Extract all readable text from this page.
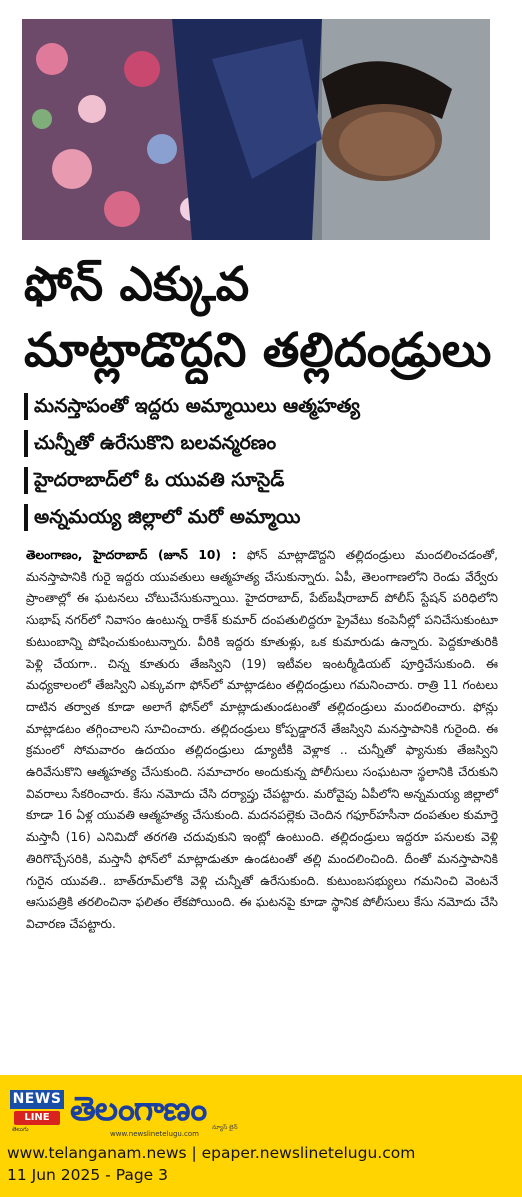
ఫోన్ ఎక్కువ
మాట్లాడొద్దని తల్లిదండ్రులు
మనస్తాపంతో ఇద్దరు అమ్మాయిలు ఆత్మహత్య
చున్నీతో ఉరేసుకొని బలవన్మరణం
హైదరాబాద్‌లో ఓ యువతి సూసైడ్
అన్నమయ్య జిల్లాలో మరో అమ్మాయి
తెలంగాణం, హైదరాబాద్ (జూన్ 10) : ఫోన్ మాట్లాడొద్దని తల్లిదండ్రులు మందలించడంతో, మనస్తాపానికి గురై ఇద్దరు యువతులు ఆత్మహత్య చేసుకున్నారు. ఏపీ, తెలంగాణలోని రెండు వేర్వేరు ప్రాంతాల్లో ఈ ఘటనలు చోటుచేసుకున్నాయి. హైదరాబాద్, పేట్‌బషీరాబాద్ పోలీస్ స్టేషన్ పరిధిలోని సుభాష్ నగర్‌లో నివాసం ఉంటున్న రాకేశ్ కుమార్ దంపతులిద్దరూ ప్రైవేటు కంపెనీల్లో పనిచేసుకుంటూ కుటుంబాన్ని పోషించుకుంటున్నారు. వీరికి ఇద్దరు కూతుళ్లు, ఒక కుమారుడు ఉన్నారు. పెద్దకూతురికి పెళ్లి చేయగా.. చిన్న కూతురు తేజస్విని (19) ఇటీవల ఇంటర్మీడియట్ పూర్తిచేసుకుంది. ఈ మధ్యకాలంలో తేజస్విని ఎక్కువగా ఫోన్‌లో మాట్లాడటం తల్లిదండ్రులు గమనించారు. రాత్రి 11 గంటలు దాటిన తర్వాత కూడా అలాగే ఫోన్‌లో మాట్లాడుతుండటంతో తల్లిదండ్రులు మందలించారు. ఫోన్లు మాట్లాడటం తగ్గించాలని సూచించారు. తల్లిదండ్రులు కోప్పడ్డారనే తేజస్విని మనస్తాపానికి గురైంది. ఈ క్రమంలో సోమవారం ఉదయం తల్లిదండ్రులు డ్యూటీకి వెళ్లాక .. చున్నీతో ఫ్యానుకు తేజస్విని ఉరివేసుకొని ఆత్మహత్య చేసుకుంది. సమాచారం అందుకున్న పోలీసులు సంఘటనా స్థలానికి చేరుకుని వివరాలు సేకరించారు. కేసు నమోదు చేసి దర్యాప్తు చేపట్టారు. మరోవైపు ఏపీలోని అన్నమయ్య జిల్లాలో కూడా 16 ఏళ్ల యువతి ఆత్మహత్య చేసుకుంది. మదనపల్లెకు చెందిన గఫూర్‌హసీనా దంపతుల కుమార్తె మస్తానీ (16) ఎనిమిదో తరగతి చదువుకుని ఇంట్లో ఉంటుంది. తల్లిదండ్రులు ఇద్దరూ పనులకు వెళ్లి తిరిగొచ్చేసరికి, మస్తానీ ఫోన్‌లో మాట్లాడుతూ ఉండటంతో తల్లి మందలించింది. దీంతో మనస్తాపానికి గురైన యువతి.. బాత్‌రూమ్‌లోకి వెళ్లి చున్నీతో ఉరేసుకుంది. కుటుంబసభ్యులు గమనించి వెంటనే ఆసుపత్రికి తరలించినా ఫలితం లేకపోయింది. ఈ ఘటనపై కూడా స్థానిక పోలీసులు కేసు నమోదు చేసి విచారణ చేపట్టారు.
NEWS
LINE
తెలుగు
తెలంగాణం
www.newslinetelugu.com
న్యూస్ లైన్
www.telanganam.news | epaper.newslinetelugu.com
11 Jun 2025 - Page 3
